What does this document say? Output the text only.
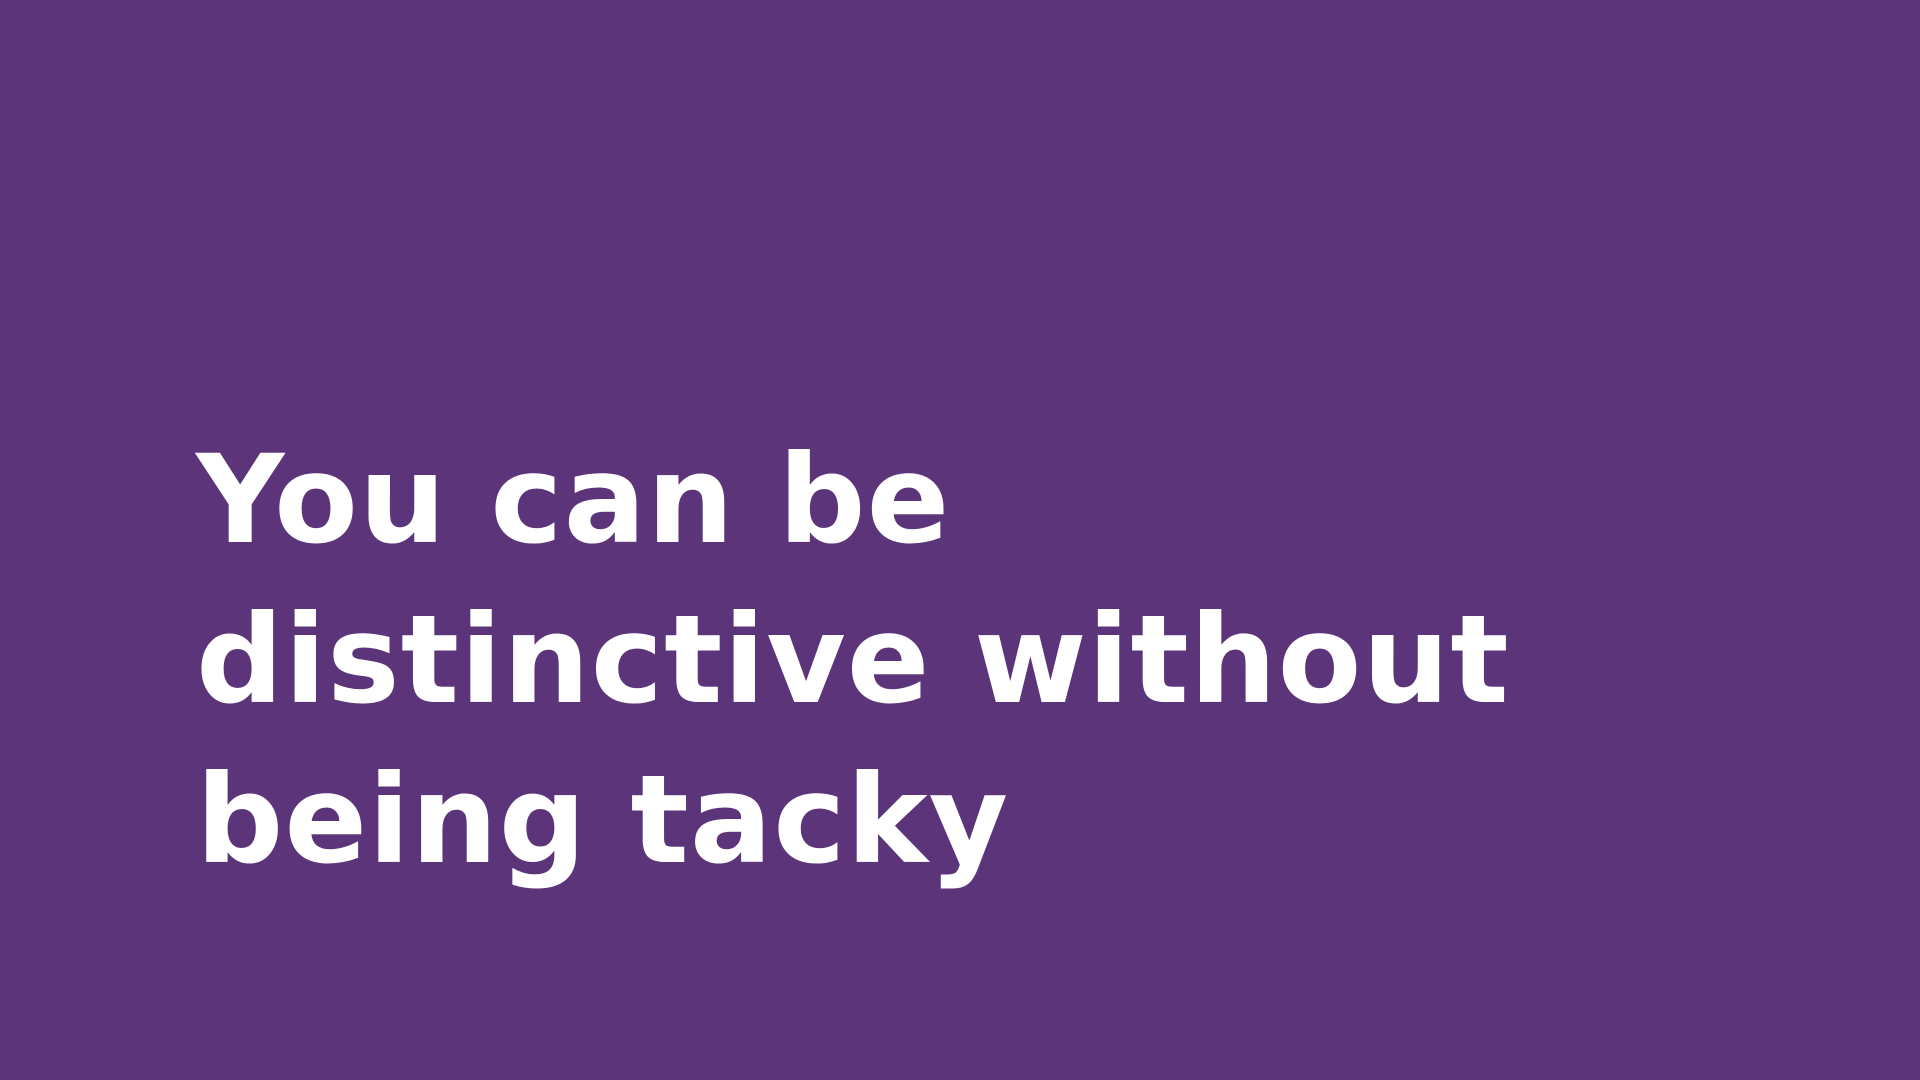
You can be
distinctive without
being tacky
